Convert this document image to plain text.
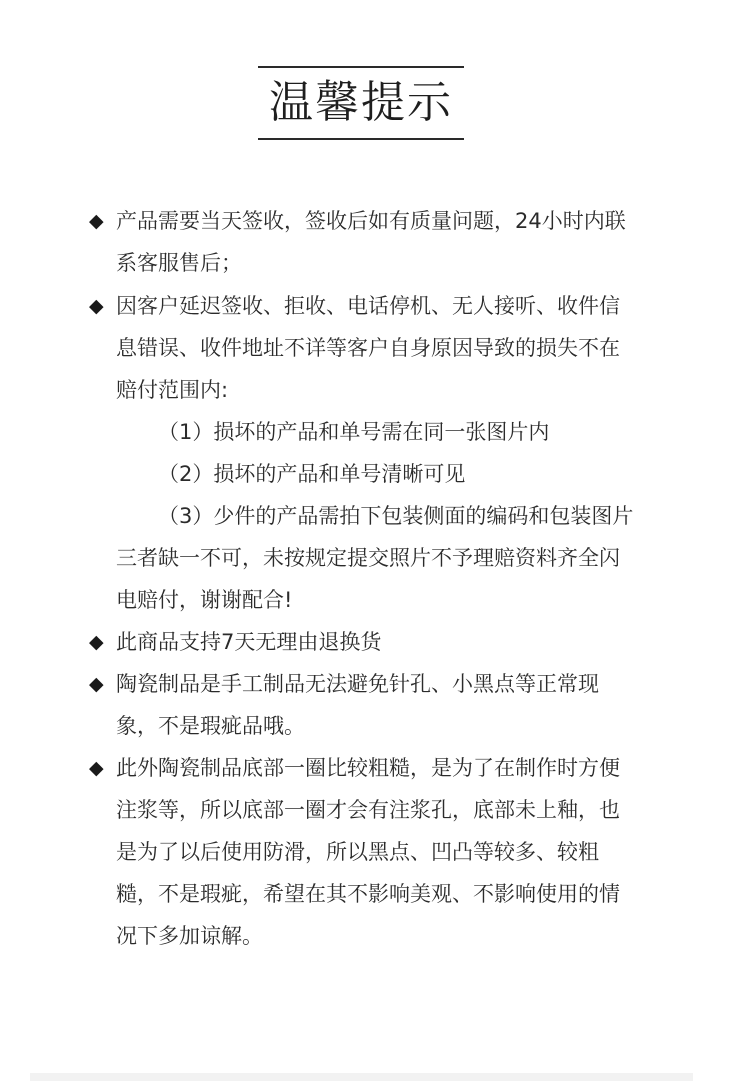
温馨提示
◆ 产品需要当天签收，签收后如有质量问题，24小时内联

系客服售后；

◆ 因客户延迟签收、拒收、电话停机、无人接听、收件信

息错误、收件地址不详等客户自身原因导致的损失不在

赔付范围内:

（1）损坏的产品和单号需在同一张图片内

（2）损坏的产品和单号清晰可见

（3）少件的产品需拍下包装侧面的编码和包装图片

三者缺一不可，未按规定提交照片不予理赔资料齐全闪

电赔付，谢谢配合!

◆ 此商品支持7天无理由退换货

◆ 陶瓷制品是手工制品无法避免针孔、小黑点等正常现

象，不是瑕疵品哦。

◆ 此外陶瓷制品底部一圈比较粗糙，是为了在制作时方便

注浆等，所以底部一圈才会有注浆孔，底部未上釉，也

是为了以后使用防滑，所以黑点、凹凸等较多、较粗

糙，不是瑕疵，希望在其不影响美观、不影响使用的情

况下多加谅解。
